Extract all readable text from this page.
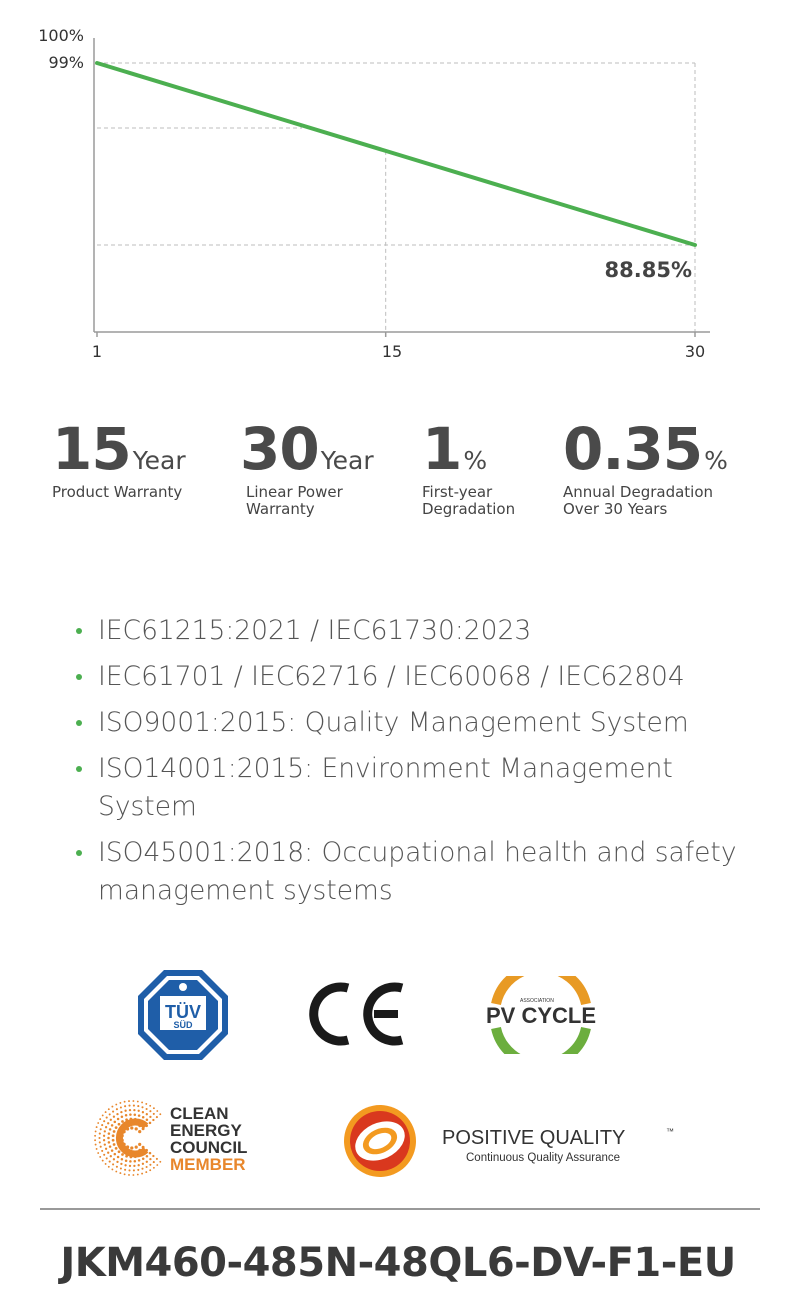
100%
99%
1	15	30
88.85%
15Year
Product Warranty
30Year
Linear Power
Warranty
1%
First-year
Degradation
0.35%
Annual Degradation
Over 30 Years
IEC61215:2021 / IEC61730:2023
IEC61701 / IEC62716 / IEC60068 / IEC62804
ISO9001:2015: Quality Management System
ISO14001:2015: Environment Management System
ISO45001:2018: Occupational health and safety management systems
TÜV
SÜD
ASSOCIATION
PV CYCLE
CLEAN
ENERGY
COUNCIL
MEMBER
POSITIVE QUALITY	™
Continuous Quality Assurance
JKM460-485N-48QL6-DV-F1-EU
